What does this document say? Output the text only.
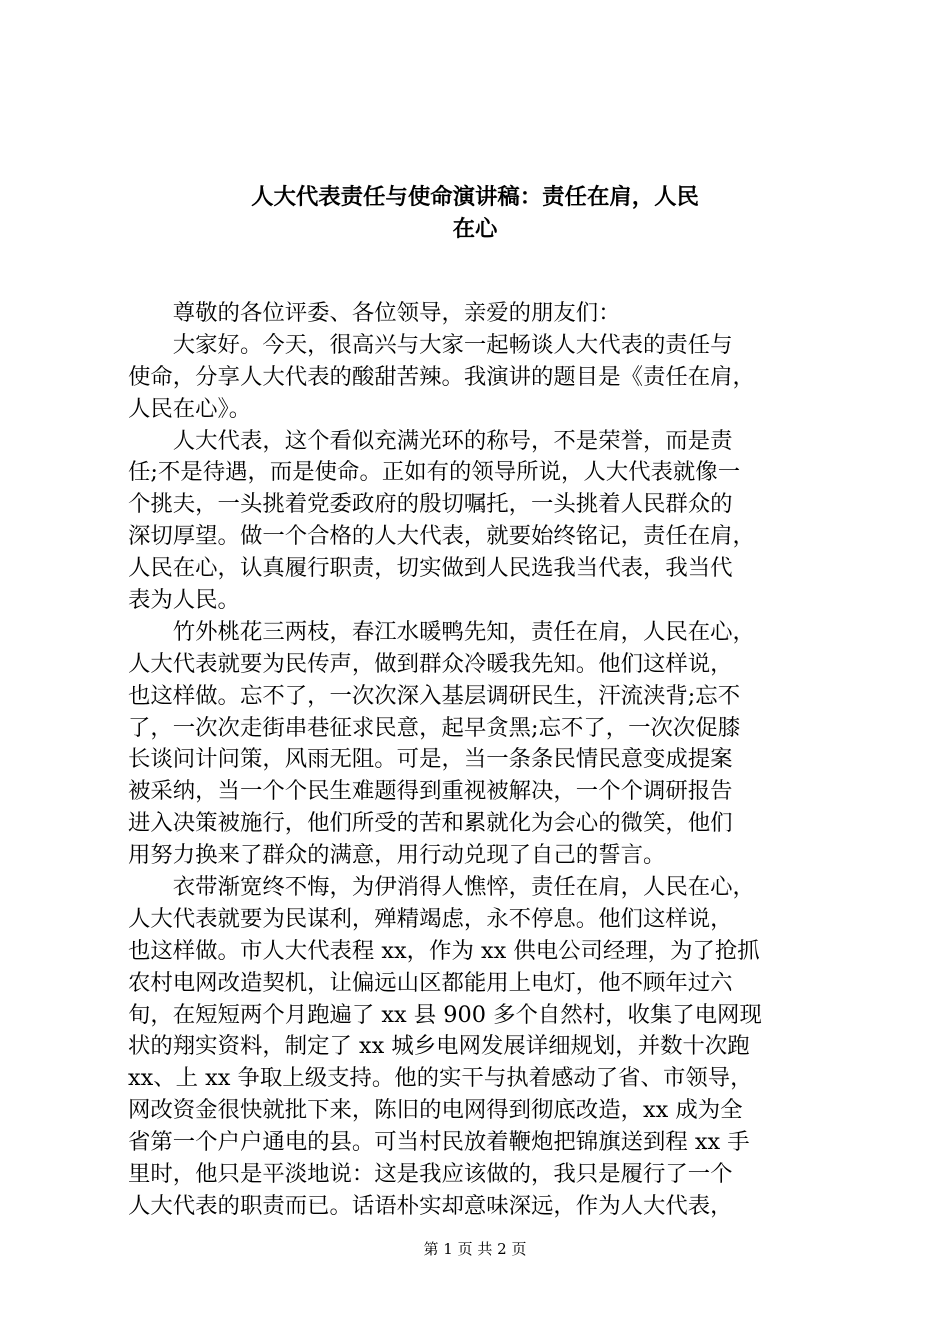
人大代表责任与使命演讲稿：责任在肩，人民
在心
　　尊敬的各位评委、各位领导，亲爱的朋友们：
　　大家好。今天，很高兴与大家一起畅谈人大代表的责任与
使命，分享人大代表的酸甜苦辣。我演讲的题目是《责任在肩，
人民在心》。
　　人大代表，这个看似充满光环的称号，不是荣誉，而是责
任;不是待遇，而是使命。正如有的领导所说，人大代表就像一
个挑夫，一头挑着党委政府的殷切嘱托，一头挑着人民群众的
深切厚望。做一个合格的人大代表，就要始终铭记，责任在肩，
人民在心，认真履行职责，切实做到人民选我当代表，我当代
表为人民。
　　竹外桃花三两枝，春江水暖鸭先知，责任在肩，人民在心，
人大代表就要为民传声，做到群众冷暖我先知。他们这样说，
也这样做。忘不了，一次次深入基层调研民生，汗流浃背;忘不
了，一次次走街串巷征求民意，起早贪黑;忘不了，一次次促膝
长谈问计问策，风雨无阻。可是，当一条条民情民意变成提案
被采纳，当一个个民生难题得到重视被解决，一个个调研报告
进入决策被施行，他们所受的苦和累就化为会心的微笑，他们
用努力换来了群众的满意，用行动兑现了自己的誓言。
　　衣带渐宽终不悔，为伊消得人憔悴，责任在肩，人民在心，
人大代表就要为民谋利，殚精竭虑，永不停息。他们这样说，
也这样做。市人大代表程 xx，作为 xx 供电公司经理，为了抢抓
农村电网改造契机，让偏远山区都能用上电灯，他不顾年过六
旬，在短短两个月跑遍了 xx 县 900 多个自然村，收集了电网现
状的翔实资料，制定了 xx 城乡电网发展详细规划，并数十次跑
xx、上 xx 争取上级支持。他的实干与执着感动了省、市领导，
网改资金很快就批下来，陈旧的电网得到彻底改造，xx 成为全
省第一个户户通电的县。可当村民放着鞭炮把锦旗送到程 xx 手
里时，他只是平淡地说：这是我应该做的，我只是履行了一个
人大代表的职责而已。话语朴实却意味深远，作为人大代表，
第 1 页 共 2 页
